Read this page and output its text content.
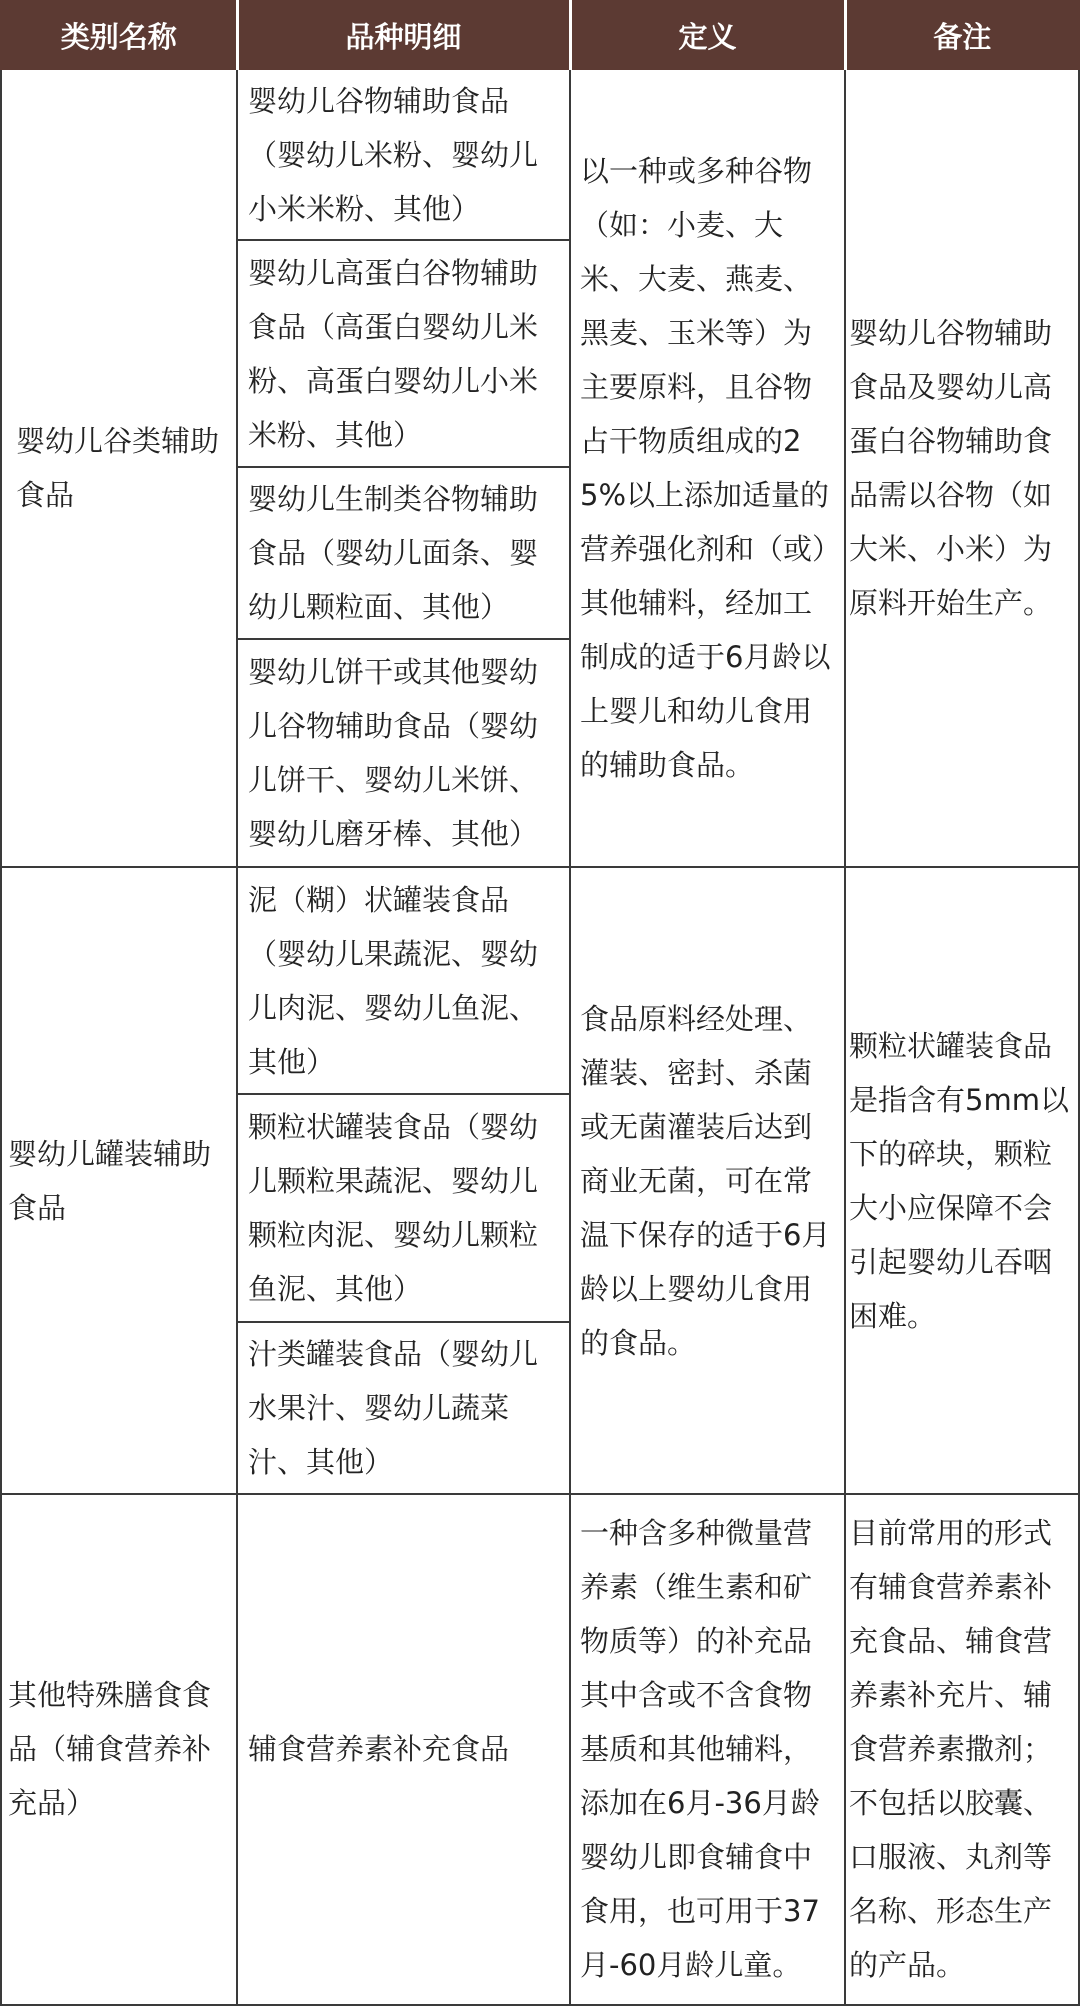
类别名称	品种明细	定义	备注
婴幼儿谷类辅助食品	婴幼儿谷物辅助食品（婴幼儿米粉、婴幼儿小米米粉、其他）	以一种或多种谷物（如：小麦、大米、大麦、燕麦、黑麦、玉米等）为主要原料，且谷物占干物质组成的25%以上添加适量的营养强化剂和（或）其他辅料，经加工制成的适于6月龄以上婴儿和幼儿食用的辅助食品。	婴幼儿谷物辅助食品及婴幼儿高蛋白谷物辅助食品需以谷物（如大米、小米）为原料开始生产。
	婴幼儿高蛋白谷物辅助食品（高蛋白婴幼儿米粉、高蛋白婴幼儿小米米粉、其他）		
	婴幼儿生制类谷物辅助食品（婴幼儿面条、婴幼儿颗粒面、其他）		
	婴幼儿饼干或其他婴幼儿谷物辅助食品（婴幼儿饼干、婴幼儿米饼、婴幼儿磨牙棒、其他）		
婴幼儿罐装辅助食品	泥（糊）状罐装食品（婴幼儿果蔬泥、婴幼儿肉泥、婴幼儿鱼泥、其他）	食品原料经处理、灌装、密封、杀菌或无菌灌装后达到商业无菌，可在常温下保存的适于6月龄以上婴幼儿食用的食品。	颗粒状罐装食品是指含有5mm以下的碎块，颗粒大小应保障不会引起婴幼儿吞咽困难。
	颗粒状罐装食品（婴幼儿颗粒果蔬泥、婴幼儿颗粒肉泥、婴幼儿颗粒鱼泥、其他）		
	汁类罐装食品（婴幼儿水果汁、婴幼儿蔬菜汁、其他）		
其他特殊膳食食品（辅食营养补充品）	辅食营养素补充食品	一种含多种微量营养素（维生素和矿物质等）的补充品其中含或不含食物基质和其他辅料，添加在6月-36月龄婴幼儿即食辅食中食用，也可用于37月-60月龄儿童。	目前常用的形式有辅食营养素补充食品、辅食营养素补充片、辅食营养素撒剂；不包括以胶囊、口服液、丸剂等名称、形态生产的产品。
